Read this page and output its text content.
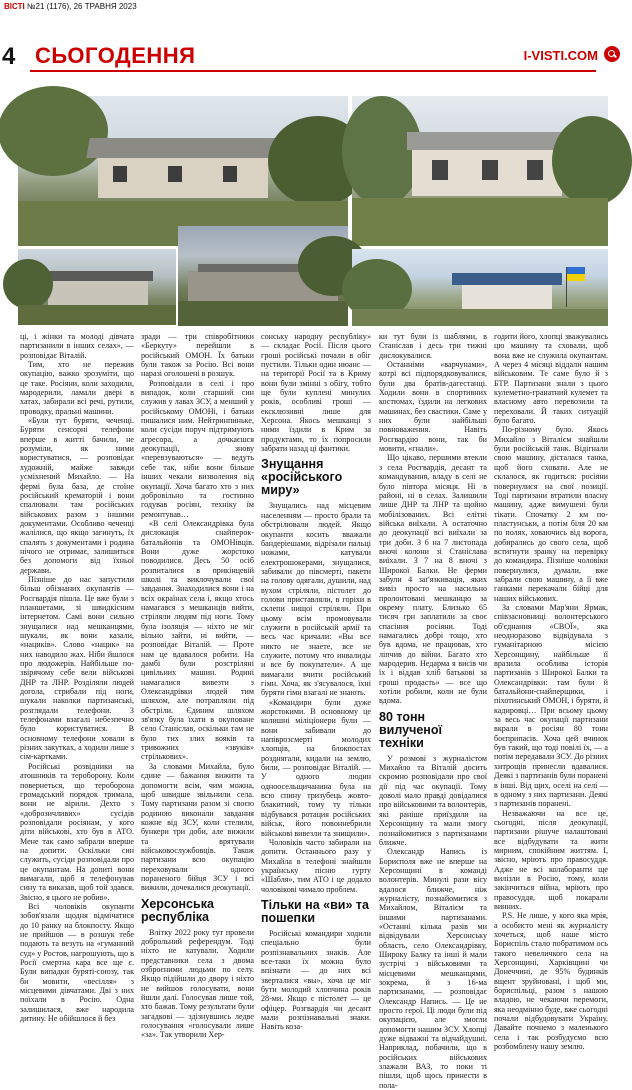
ВІСТІ №21 (1176), 26 ТРАВНЯ 2023
4 СЬОГОДЕННЯ	I-VISTI.COM

ці, і жінки та молоді дівчата партизанили в інших селах», — розповідає Віталій.

Тим, хто не пережив окупацію, важко зрозуміти, що це таке. Росіяни, коли заходили, мародерили, ламали двері в хатах, забирали всі речі, рутили, проводку, пральні машини.

«Були тут буряти, чеченці. Буряти сенсорні телефони вперше в житті бачили, не розуміли, як ними користуватися, — розповідає художній, майже завжди усміхнений Михайло. — На фермі була база, де стоїне російський крематорій і вони спалювали там російських військових разом з іншими документами. Особливо чеченці жалілися, що якщо загинуть, їх спалять з документами і родина нічого не отримає, залишиться без допомоги від їхньої держави.

Пізніше до нас запустили більш обізнаних окупантів — Росгвардія пішла. Це вже були з планшетами, зі швидкісним інтернетом. Самі вони сильно знущалися над мешканцями, шукали, як вони казали, «нациків». Слово «нацик» на них наводило жах. Ніби йшлося про людожерів. Найбільше по-звірячому себе вели військові ДНР та ЛНР. Розділяли людей догола, стрибали під ноги, шукали наколки партизанські, розглядали телефони. З телефонами взагалі небезпечно було користуватися. В основному телефони ховали в різних закутках, а ходили лише з сім-картками.

Російські розвідники на атошників та тероборону. Коли повернеться, що тероборона громадський порядок тримала, вони не вірили. Дехто з «доброзичливих» сусідів розповідали росіянам, у кого діти військові, хто був в АТО. Мене так само забрали вперше на допити. Оскільки син служить, сусіди розповідали про це окупантам. На допиті вони вимагали, щоб я телефонував сину та виказав, щоб той здався. Звісно, я цього не робив».

Всі чоловіків окупанти зобов'язали щодня відмічатися до 10 ранку на блокпосту. Якщо не прийшов — в розшук тебе подають та везуть на «гуманний суд» у Ростов, нагрошують, що в Росії смертна кара все ще є. Були випадки буряті-союзу, так би мовити, «весілля» з місцевими дівчатами. Дві з них поїхали в Росію. Одна залишилася, вже народила дитину. Не обійшлося й без

зради — три співробітники «Беркуту» перейшли в російський ОМОН. Їх батьки були також за Росію. Всі вони наразі оголошені в розшук.

Розповідали в селі і про випадок, коли старший син служив у лавах ЗСУ, а менший у російському ОМОНі, і батьки пишалися ним. Нейтринпиньке, коли сусіди поруч підтримують агресора, а дочкаєшся деокупації, знову «перевзуваються» — ведуть себе так, ніби вони більше інших чекали визволення від окупації. Хоча багато хто з них добровільно та гостинно годував росіян, техніку їм ремонтував…

«В селі Олександрівка була дислокація снайперок-батальйонів та ОМОНівців. Вони дуже жорстоко поводилися. Десь 50 осіб розпиталися в прикінцевій школі та виклочували свої завдання. Знаходилися вони і на всіх окраїнах села і, якщо хтось намагався з мешканців вийти, стріляли людям під ноги. Тому була ізоляція — ніхто не міг вільно зайти, ні вийти, — розповідає Віталій. — Проте нам це вдавалося робити. На дамбі були розстріляні цивільних машин. Родині намагалися вивезти з Олександрівки людей тим шляхом, але потрапляли під обстріли. Єдиним шляхом зв'язку була їхати в окуповане село Станіслав, оскільки там не було тих злих вояків та тривожних «звуків» стрількових».

За словами Михайла, було єдине — бажання вижити та допомогти всім, чим можна, щоб швидше звільнили села. Тому партизани разом зі своєю родиною виконали завдання кожне від ЗСУ, коли стелили, бункери три доби, але вижили та врятували військовослужбовців. Також партизани всю окупацію переховували одного пораненого бійця ЗСУ і всі вижили, дочекалися деокупації.

Херсонська республіка

Влітку 2022 року тут провели доброльний референдум. Тоді ніхто не катували. Ходили представники села з двома озброєними людьми по селу. Якщо підійшли до двору і ніхто не вийшов голосувати, вони йшли далі. Голосував лише той, хто бажав. Тому результати були загадкові — здізнувшись ледве голосування «голосували лише «за». Так утворили Хер-

сонську народну республіку» — складає Росії. Після цього гроші російські почали в обіг пустили. Тільки один нюанс — на території Росії та в Криму вони були змінні з обігу, тобто ще були куплені минулих років, особливі гроші — ексклюзивні лише для Херсона. Якось мешканці з ними їздили в Крим за продуктами, то їх попросили забрати назад ці фантики.

Знущання «російського миру»

Знущались над місцевим населенням — просто брали та обстрілювали людей. Якщо окупанти косить вважали бандеріешами, відрізали пальці ножами, катували електрошокерами, знущалися, забивали до півсмерті, пакети на голову одягали, душили, над вухом стріляли, пістолет до голови приставляли, в горіхи в склепи нищоі стріляли. При цьому всім промовували служити в російській армії та весь час кричали: «Вы все никто не знаете, все не служите, потому что инвалиды и все бу покупатели». А ще вимагали вчити російський гімн. Хоча, як з'ясувалося, їхні буряти гімн взагалі не знають.

«Командири були дуже жорстокими. В основному це колишні міліціонери були — вони забивали до напіврозсмерті молодих хлопців, на блокпостах розднягали, кидали на землю, били, — розповідає Віталій. — У одного людин одноосельщичанина була на всю спину тризубець жовто-блакитний, тому ту тільки відбувався ротация російських військ, його повоннебрили військові вивезли та знищили».

Чоловіків часто забирали на допити. Останнього разу у Михайла в телефоні знайшли українську пісню гурту «Шабля», тим АТО і це додало чоловікові чимало проблем.

Тільки на «ви» та пошепки

Російські командири ходили спеціально були розпізнавальних знаків. Але все-таки їх можна було впізнати — до них всі зверталися «вы», хоча це міг бути молодий хлопчина років 28-ми. Якщо є пістолет — це офіцер. Розгвардія чи десант мали розпізнавальні знаки. Навіть коза-

ки тут були із шаблями, в Станіслав і десь три тижні дислокувалися.

Останніми «варчунами», котрі всі підпорядковувалися, були два братів-дагестанці. Ходили вони в спортивних костюмах, їздили на легкових машинах, без свастики. Саме у них були найбільші повноваження. Навіть Росгвардію вони, так би мовити, «гнали».

Що цікаво, першими втекли з села Росгвардія, десант та командування, владу в селі не було півтора місяця. Ні в районі, ні в селах. Залишили лише ДНР та ЛНР та щойно мобілізованих. Всі елітні війська виїхали. А остаточно до деокупації всі виїхали за три доби. З 6 на 7 листопада вночі колони зі Станіслава виїхали. З 7 на 8 вночі з Широкої Балки. Не ферми забули 4 заґ'язкивація, яких вивіз просто на насильно пролонтовані мешканцю за окрему плату. Близько 65 тисяч грн заплатили за своє спасіння росіяни. Тоді намагались добрі тощо, хто був вдома, не працював, хто ліпчив до війни. Багато хто мародерив. Недарма я висів чи їх і віддав хліб батькові за гроші продасть» — все що хотіли робили, коли не були вдома.

80 тонн вилученої техніки

У розмові з журналістом Михайло та Віталій досить скромно розповідали про свої дії під час окупації. Тому доволі мало правді довідалися про військовими та волонтерів, які раніше приїздили на Херсонщину та мали змогу познайомитися з партизанами ближче.

Олександр Напись із Борисполя вже не вперше на Херсонщині в команді волонтерів. Минулі рази вісу вдалося ближче, ніж журналісту, познайомитися з Михайлом, Віталієм та іншими партизанами. «Останні кілька разів ми відвідували Херсонську область, село Олександрівку, Широку Балку та інші й мали зустрічі з військовими та місцевими мешканцями, зокрема, й з 16-ма партизанами, — розповідає Олександр Напись. — Це не просто герої. Ці люди були під окупацією, але змогли допомогти нашим ЗСУ. Хлопці дуже відважні та відчайдушні. Наприклад, побачили, що в російських військових злажали ВАЗ, то поки ті пішли, щоб щось принести в пола-

годити його, хлопці зважувались цю машину та сховали, щоб вона вже не служила окупантам. А через 4 місяці віддали нашим військовим. Те саме було й з БТР. Партизани знали з цього кулеметно-гранатний кулемет та власному авто перевозили та переховали. Й таких ситуацій було багато.

По-різному було. Якось Михайло з Віталієм знайшли були російській танк. Відігнали свою машину, дісталася танка, щоб його сховати. Але не склалося, як годиться: росіяни повернулися на свої позиції. Тоді партизани втратили власну машину, адже вимушені були тікати. Спочатку 2 км по-пластунськи, а потім біля 20 км по полях, ховаючись від ворога, добирались до свого села, щоб встигнути зранку на перевірку до командира. Пізніше чоловіки повернулися, думали, вже забрали свою машину, а її вже ганками перекачали бійці для наших військових.

За словами Мар'яни Ярмак, співзасновниці волонтерського об'єднання «СВОЇ», яка неодноразово відвідувала з гуманітарною місією Херсонщину, найбільше її вразила особлива історія партизанів з Широкої Балки та Олександрівки: там були й батальйони-снайперщики, і піхотинський ОМОН, і буряти, й кадировці… При всьому цьому за весь час окупації партизани вкрали в росіян 80 тонн боєприпасів. Хоча цей вчинок був такий, що тоді повілі їх, — а потім передавали ЗСУ. До різних хитрощів принесли вдавалися. Деякі з партизанів були поранені в інші. Від щих, оселі на селі — в одному з них партизани. Деякі з партизанів поранені.

Незважаючи на все це, сьогодні, після деокупації, партизани рішуче налаштовані все відбудувати та жити мирним, спокійним життям. І, звісно, мріють про правосуддя. Адже не всі колаборанти ще вилізли в Росію, тому, коли закінчиться війна, мріють про правосуддя, щоб покарали винних.

P.S. Не лише, у кого яка мрія, а особисто мені як журналісту хочеться, щоб наше місто Бориспіль стало побратимом ось такого невеличкого села на Херсонщині, Харківщині чи Донеччині, де 95% будинків вщент зруйновані, і щоб ми, бориспільці, разом з нашою владою, не чекаючи перемоги, яка неодмінно буде, вже сьогодні почали відбудовувати Україну. Давайте почнемо з маленького села і так розбудуємо всю розбомблену нашу землю.
